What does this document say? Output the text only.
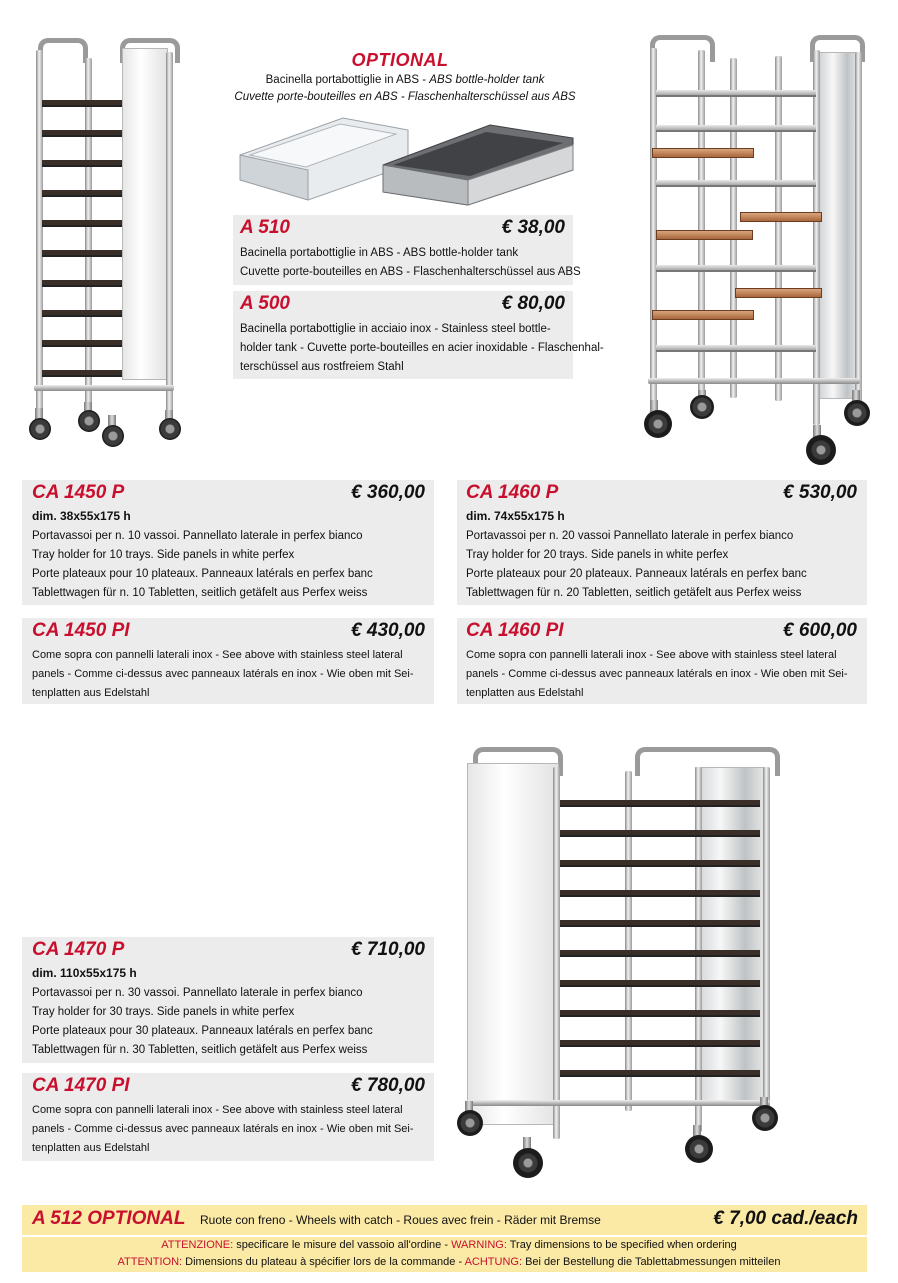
OPTIONAL
Bacinella portabottiglie in ABS - ABS bottle-holder tank
Cuvette porte-bouteilles en ABS - Flaschenhalterschüssel aus ABS
A 510	€ 38,00
Bacinella portabottiglie in ABS - ABS bottle-holder tank
Cuvette porte-bouteilles en ABS - Flaschenhalterschüssel aus ABS
A 500	€ 80,00
Bacinella portabottiglie in acciaio inox - Stainless steel bottle-
holder tank - Cuvette porte-bouteilles en acier inoxidable - Flaschenhal-
terschüssel aus rostfreiem Stahl
CA 1450 P	€ 360,00
dim. 38x55x175 h
Portavassoi per n. 10 vassoi. Pannellato laterale in perfex bianco
Tray holder for 10 trays. Side panels in white perfex
Porte plateaux pour 10 plateaux. Panneaux latérals en perfex banc
Tablettwagen für n. 10 Tabletten, seitlich getäfelt aus Perfex weiss
CA 1460 P	€ 530,00
dim. 74x55x175 h
Portavassoi per n. 20 vassoi Pannellato laterale in perfex bianco
Tray holder for 20 trays. Side panels in white perfex
Porte plateaux pour 20 plateaux. Panneaux latérals en perfex banc
Tablettwagen für n. 20 Tabletten, seitlich getäfelt aus Perfex weiss
CA 1450 PI	€ 430,00
Come sopra con pannelli laterali inox - See above with stainless steel lateral
panels - Comme ci-dessus avec panneaux latérals en inox - Wie oben mit Sei-
tenplatten aus Edelstahl
CA 1460 PI	€ 600,00
Come sopra con pannelli laterali inox - See above with stainless steel lateral
panels - Comme ci-dessus avec panneaux latérals en inox - Wie oben mit Sei-
tenplatten aus Edelstahl
CA 1470 P	€ 710,00
dim. 110x55x175 h
Portavassoi per n. 30 vassoi. Pannellato laterale in perfex bianco
Tray holder for 30 trays. Side panels in white perfex
Porte plateaux pour 30 plateaux. Panneaux latérals en perfex banc
Tablettwagen für n. 30 Tabletten, seitlich getäfelt aus Perfex weiss
CA 1470 PI	€ 780,00
Come sopra con pannelli laterali inox - See above with stainless steel lateral
panels - Comme ci-dessus avec panneaux latérals en inox - Wie oben mit Sei-
tenplatten aus Edelstahl
A 512 OPTIONAL Ruote con freno - Wheels with catch - Roues avec frein - Räder mit Bremse	€ 7,00 cad./each
ATTENZIONE: specificare le misure del vassoio all'ordine - WARNING: Tray dimensions to be specified when ordering
ATTENTION: Dimensions du plateau à spécifier lors de la commande - ACHTUNG: Bei der Bestellung die Tablettabmessungen mitteilen
